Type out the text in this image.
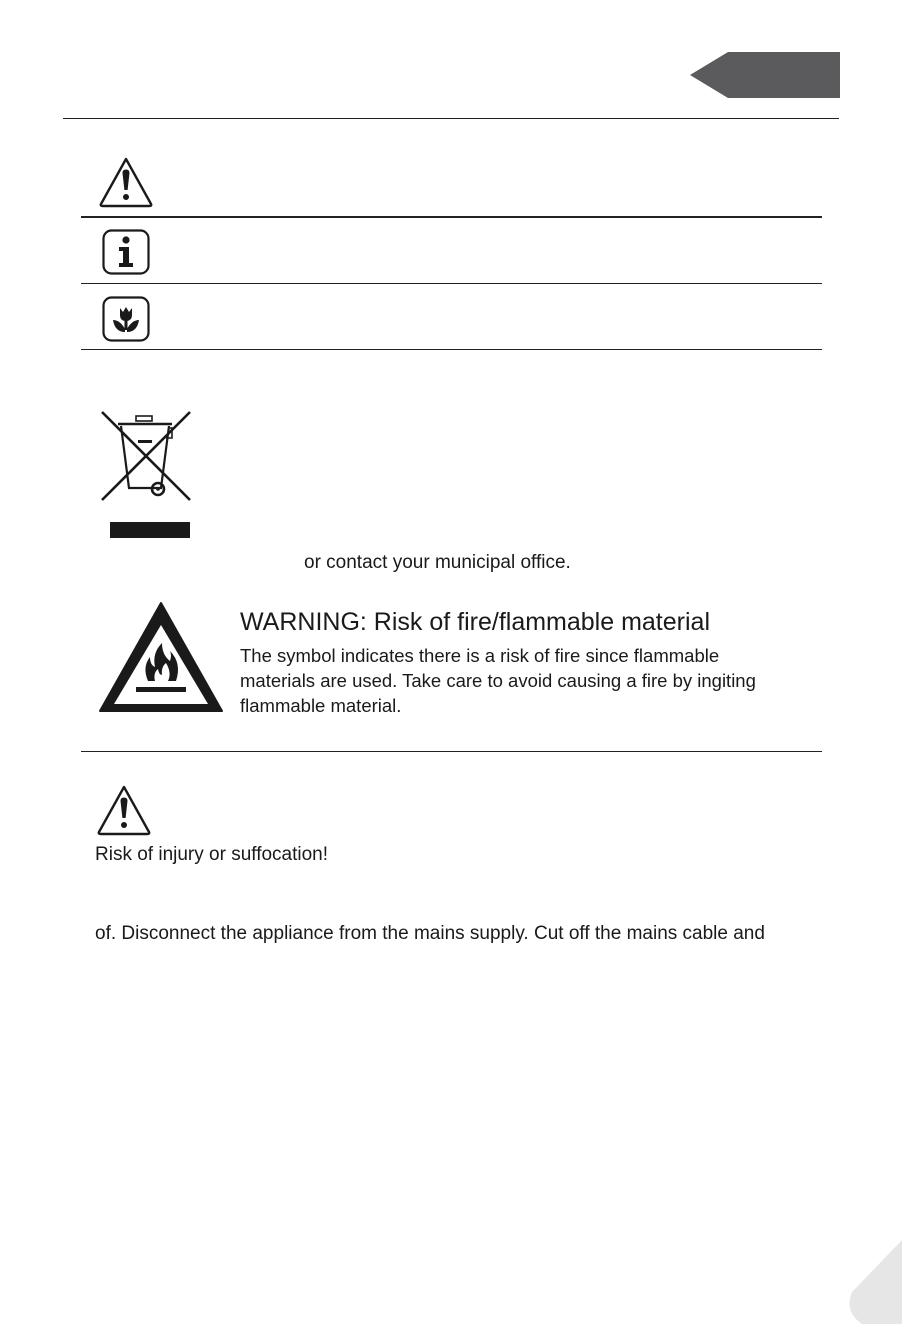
or contact your municipal office.
WARNING: Risk of fire/flammable material
The symbol indicates there is a risk of fire since flammable
materials are used. Take care to avoid causing a fire by ingiting
flammable material.
Risk of injury or suffocation!
of. Disconnect the appliance from the mains supply. Cut off the mains cable and
